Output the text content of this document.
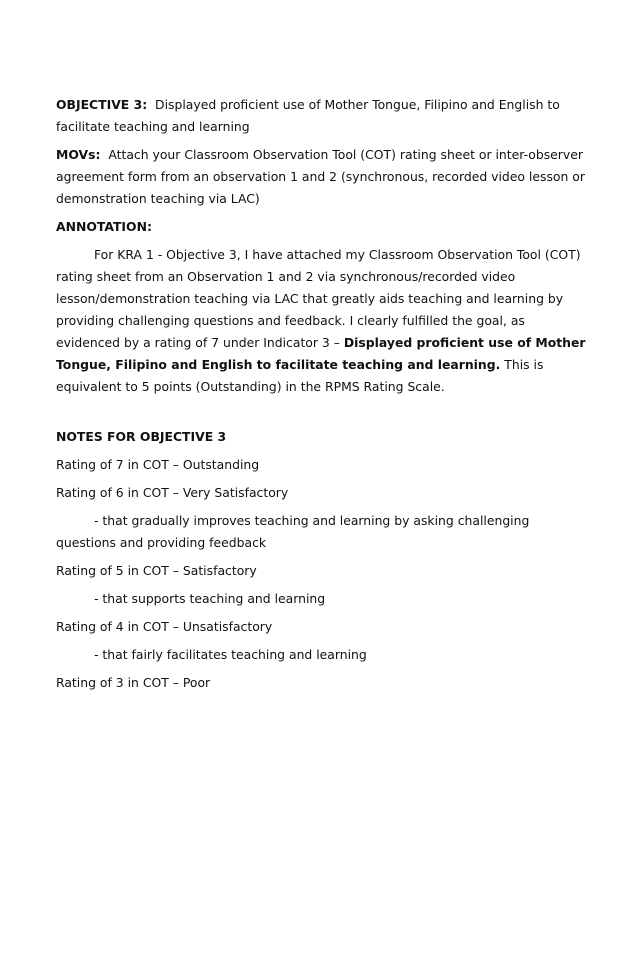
OBJECTIVE 3: Displayed proficient use of Mother Tongue, Filipino and English to facilitate teaching and learning

MOVs: Attach your Classroom Observation Tool (COT) rating sheet or inter-observer agreement form from an observation 1 and 2 (synchronous, recorded video lesson or demonstration teaching via LAC)

ANNOTATION:

For KRA 1 - Objective 3, I have attached my Classroom Observation Tool (COT) rating sheet from an Observation 1 and 2 via synchronous/recorded video lesson/demonstration teaching via LAC that greatly aids teaching and learning by providing challenging questions and feedback. I clearly fulfilled the goal, as evidenced by a rating of 7 under Indicator 3 – Displayed proficient use of Mother Tongue, Filipino and English to facilitate teaching and learning. This is equivalent to 5 points (Outstanding) in the RPMS Rating Scale.

NOTES FOR OBJECTIVE 3

Rating of 7 in COT – Outstanding

Rating of 6 in COT – Very Satisfactory

- that gradually improves teaching and learning by asking challenging questions and providing feedback

Rating of 5 in COT – Satisfactory

- that supports teaching and learning

Rating of 4 in COT – Unsatisfactory

- that fairly facilitates teaching and learning

Rating of 3 in COT – Poor
